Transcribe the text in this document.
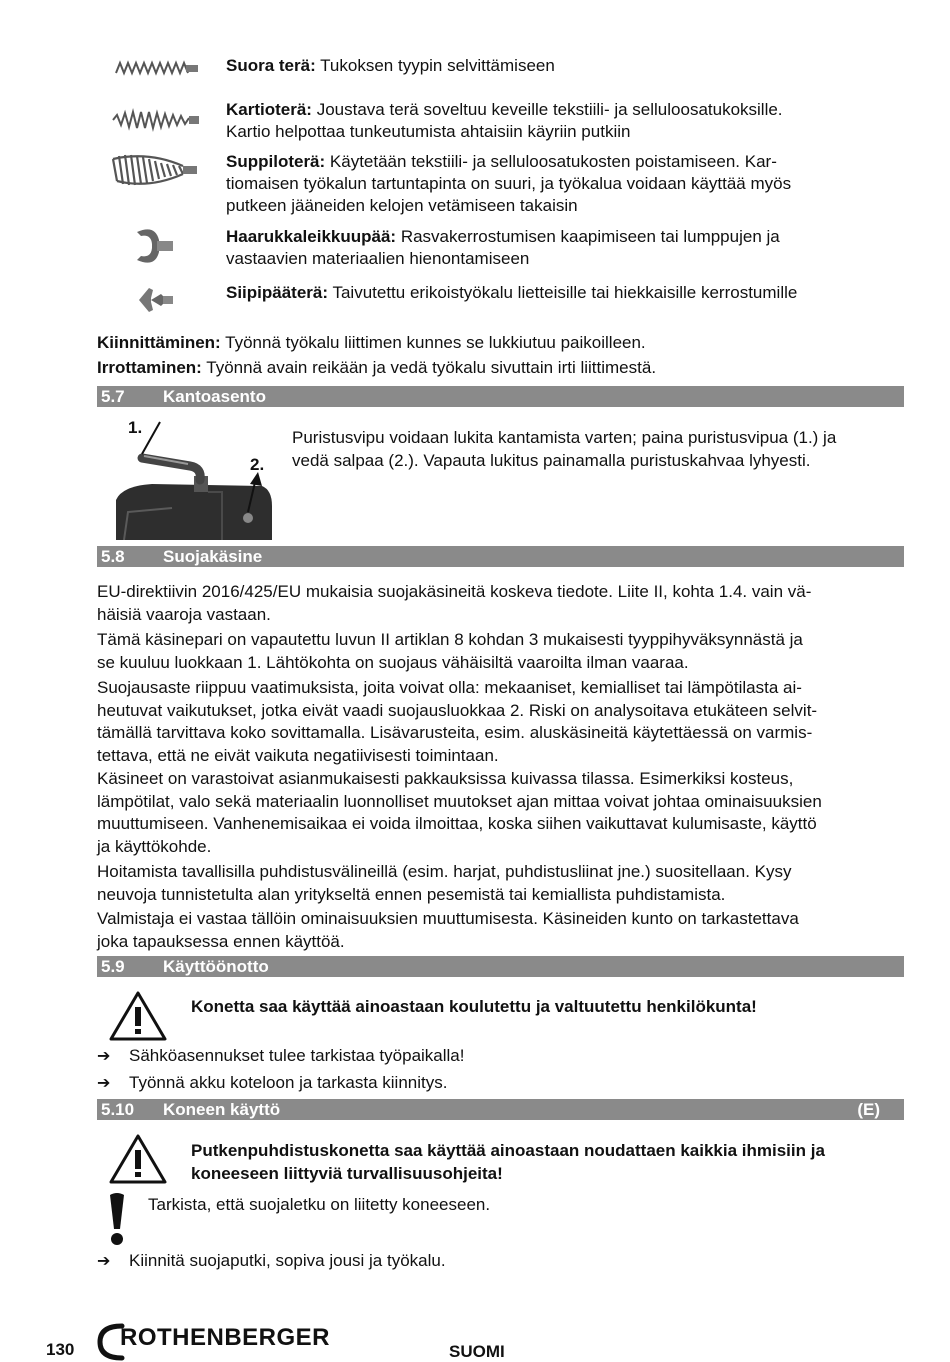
Suora terä: Tukoksen tyypin selvittämiseen
Kartioterä: Joustava terä soveltuu keveille tekstiili- ja selluloosatukoksille.
Kartio helpottaa tunkeutumista ahtaisiin käyriin putkiin
Suppiloterä: Käytetään tekstiili- ja selluloosatukosten poistamiseen. Kar-
tiomaisen työkalun tartuntapinta on suuri, ja työkalua voidaan käyttää myös
putkeen jääneiden kelojen vetämiseen takaisin
Haarukkaleikkuupää: Rasvakerrostumisen kaapimiseen tai lumppujen ja
vastaavien materiaalien hienontamiseen
Siipipääterä: Taivutettu erikoistyökalu lietteisille tai hiekkaisille kerrostumille
Kiinnittäminen: Työnnä työkalu liittimen kunnes se lukkiutuu paikoilleen.
Irrottaminen: Työnnä avain reikään ja vedä työkalu sivuttain irti liittimestä.
5.7 Kantoasento
1.
2.
Puristusvipu voidaan lukita kantamista varten; paina puristusvipua (1.) ja
vedä salpaa (2.). Vapauta lukitus painamalla puristuskahvaa lyhyesti.
5.8 Suojakäsine
EU-direktiivin 2016/425/EU mukaisia suojakäsineitä koskeva tiedote. Liite II, kohta 1.4. vain vä-
häisiä vaaroja vastaan.
Tämä käsinepari on vapautettu luvun II artiklan 8 kohdan 3 mukaisesti tyyppihyväksynnästä ja
se kuuluu luokkaan 1. Lähtökohta on suojaus vähäisiltä vaaroilta ilman vaaraa.
Suojausaste riippuu vaatimuksista, joita voivat olla: mekaaniset, kemialliset tai lämpötilasta ai-
heutuvat vaikutukset, jotka eivät vaadi suojausluokkaa 2. Riski on analysoitava etukäteen selvit-
tämällä tarvittava koko sovittamalla. Lisävarusteita, esim. aluskäsineitä käytettäessä on varmis-
tettava, että ne eivät vaikuta negatiivisesti toimintaan.
Käsineet on varastoivat asianmukaisesti pakkauksissa kuivassa tilassa. Esimerkiksi kosteus,
lämpötilat, valo sekä materiaalin luonnolliset muutokset ajan mittaa voivat johtaa ominaisuuksien
muuttumiseen. Vanhenemisaikaa ei voida ilmoittaa, koska siihen vaikuttavat kulumisaste, käyttö
ja käyttökohde.
Hoitamista tavallisilla puhdistusvälineillä (esim. harjat, puhdistusliinat jne.) suositellaan. Kysy
neuvoja tunnistetulta alan yritykseltä ennen pesemistä tai kemiallista puhdistamista.
Valmistaja ei vastaa tällöin ominaisuuksien muuttumisesta. Käsineiden kunto on tarkastettava
joka tapauksessa ennen käyttöä.
5.9 Käyttöönotto
Konetta saa käyttää ainoastaan koulutettu ja valtuutettu henkilökunta!
➔ Sähköasennukset tulee tarkistaa työpaikalla!
➔ Työnnä akku koteloon ja tarkasta kiinnitys.
5.10 Koneen käyttö	(E)
Putkenpuhdistuskonetta saa käyttää ainoastaan noudattaen kaikkia ihmisiin ja
koneeseen liittyviä turvallisuusohjeita!
Tarkista, että suojaletku on liitetty koneeseen.
➔ Kiinnitä suojaputki, sopiva jousi ja työkalu.
130 ROTHENBERGER
SUOMI
